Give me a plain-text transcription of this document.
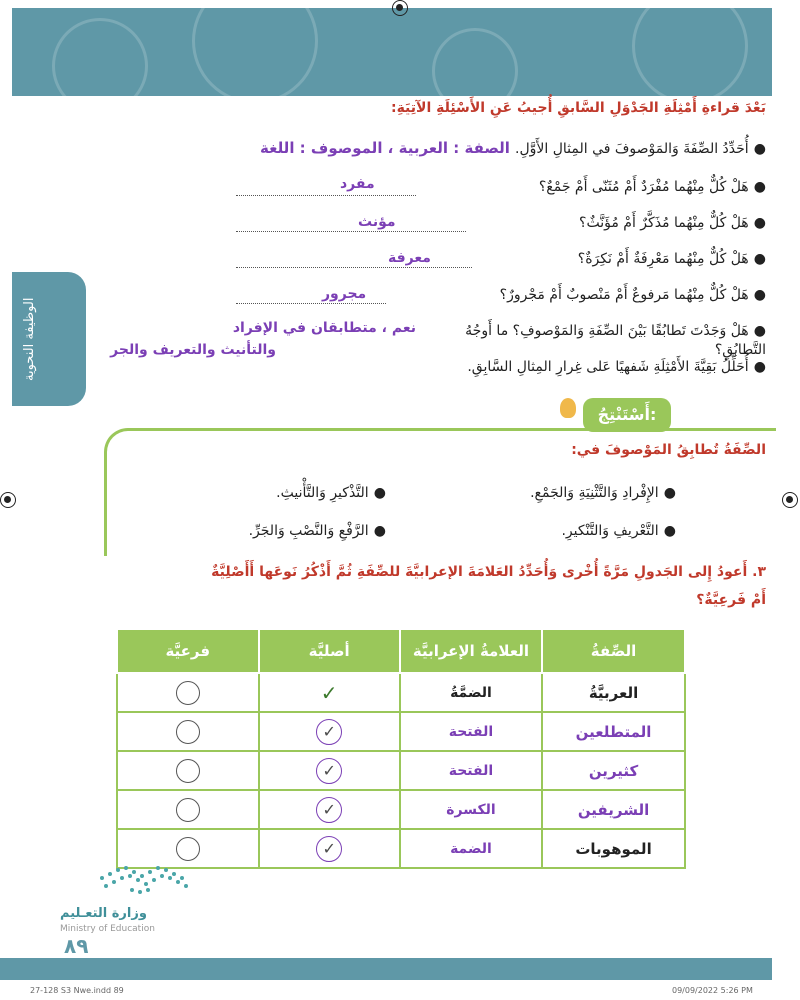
الوظيفة النحوية
بَعْدَ قراءةِ أَمْثِلَةِ الجَدْوَلِ السَّابقِ أُجيبُ عَنِ الأَسْئِلَةِ الآتِيَةِ:
● أُحَدِّدُ الصِّفَةَ وَالمَوْصوفَ في المِثالِ الأَوَّلِ. الصفة : العربية ، الموصوف : اللغة
● هَلْ كُلٌّ مِنْهُما مُفْرَدٌ أَمْ مُثَنّى أَمْ جَمْعٌ؟
مفرد
● هَلْ كُلٌّ مِنْهُما مُذَكَّرٌ أَمْ مُؤَنَّثٌ؟
مؤنث
● هَلْ كُلٌّ مِنْهُما مَعْرِفَةٌ أَمْ نَكِرَةٌ؟
معرفة
● هَلْ كُلٌّ مِنْهُما مَرفوعٌ أَمْ مَنْصوبٌ أَمْ مَجْرورٌ؟
مجرور
● هَلْ وَجَدْتَ تَطابُقًا بَيْنَ الصِّفَةِ وَالمَوْصوفِ؟ ما أَوجُهُ التَّطابُقِ؟
نعم ، متطابقان في الإفراد
والتأنيث والتعريف والجر
● أُحَلِّلُ بَقِيَّةَ الأَمْثِلَةِ شَفهيًا عَلى غِرارِ المِثالِ السَّابِقِ.
أَسْتَنْتِجُ:
الصِّفَةُ تُطابِقُ المَوْصوفَ في:
● الإِفْرادِ وَالتَّثْنِيَةِ وَالجَمْعِ.
● التَّذْكيرِ وَالتَّأْنيثِ.
● التَّعْريفِ وَالتَّنْكيرِ.
● الرَّفْعِ وَالنَّصْبِ وَالجَرِّ.
٣. أَعودُ إِلى الجَدولِ مَرَّةً أُخْرى وَأُحَدِّدُ العَلامَةَ الإعرابيَّةَ للصِّفَةِ ثُمَّ أَذْكُرُ نَوعَها أَأَصْلِيَّةٌ
أَمْ فَرعِيَّةٌ؟
الصِّفةُ	العلامةُ الإعرابيَّة	أصليَّة	فرعيَّة
العربيَّةُ	الضمَّةُ	✓	
المتطلعين	الفتحة	✓	
كثيرين	الفتحة	✓	
الشريفين	الكسرة	✓	
الموهوبات	الضمة	✓	
وزارة التعـليم
Ministry of Education
٨٩
27-128 S3 Nwe.indd 89	09/09/2022 5:26 PM
